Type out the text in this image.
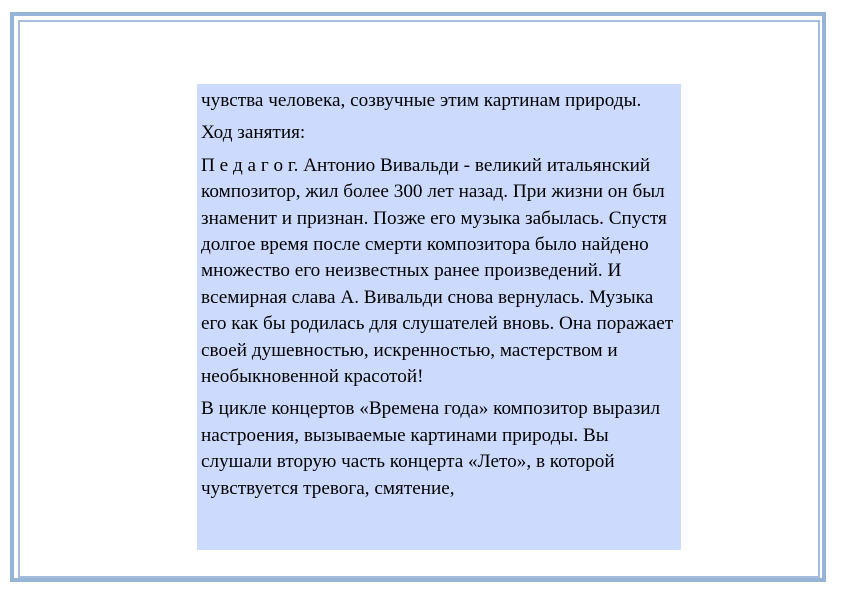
чувства человека, созвучные этим картинам природы.

Ход занятия:

П е д а г о г. Антонио Вивальди - великий итальянский композитор, жил более 300 лет назад. При жизни он был знаменит и признан. Позже его музыка забылась. Спустя долгое время после смерти композитора было найдено множество его неизвестных ранее произведений. И всемирная слава А. Вивальди снова вернулась. Музыка его как бы родилась для слушателей вновь. Она поражает своей душевностью, искренностью, мастерством и необыкновенной красотой!

В цикле концертов «Времена года» композитор выразил настроения, вызываемые картинами природы. Вы слушали вторую часть концерта «Лето», в которой чувствуется тревога, смятение,
